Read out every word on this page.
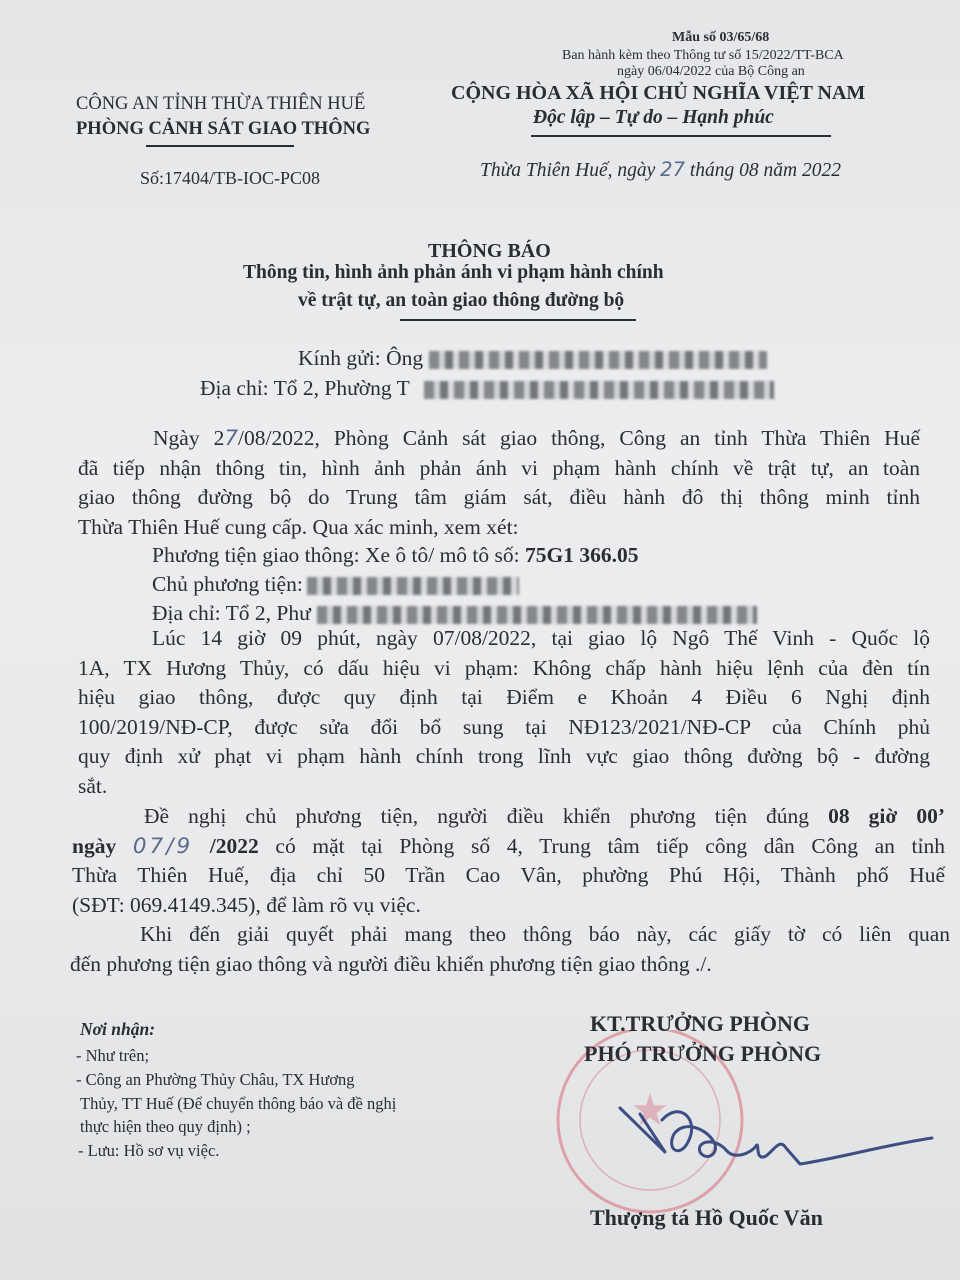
Mẫu số 03/65/68
Ban hành kèm theo Thông tư số 15/2022/TT-BCA
ngày 06/04/2022 của Bộ Công an
CÔNG AN TỈNH THỪA THIÊN HUẾ
PHÒNG CẢNH SÁT GIAO THÔNG
CỘNG HÒA XÃ HỘI CHỦ NGHĨA VIỆT NAM
Độc lập – Tự do – Hạnh phúc
Số:17404/TB-IOC-PC08	Thừa Thiên Huế, ngày 27 tháng 08 năm 2022
THÔNG BÁO
Thông tin, hình ảnh phản ánh vi phạm hành chính
về trật tự, an toàn giao thông đường bộ
Kính gửi: Ông
Địa chỉ: Tổ 2, Phường T
Ngày 27/08/2022, Phòng Cảnh sát giao thông, Công an tỉnh Thừa Thiên Huế
đã tiếp nhận thông tin, hình ảnh phản ánh vi phạm hành chính về trật tự, an toàn
giao thông đường bộ do Trung tâm giám sát, điều hành đô thị thông minh tỉnh
Thừa Thiên Huế cung cấp. Qua xác minh, xem xét:
Phương tiện giao thông: Xe ô tô/ mô tô số: 75G1 366.05
Chủ phương tiện:
Địa chỉ: Tổ 2, Phư
Lúc 14 giờ 09 phút, ngày 07/08/2022, tại giao lộ Ngô Thế Vinh - Quốc lộ
1A, TX Hương Thủy, có dấu hiệu vi phạm: Không chấp hành hiệu lệnh của đèn tín
hiệu giao thông, được quy định tại Điểm e Khoản 4 Điều 6 Nghị định
100/2019/NĐ-CP, được sửa đổi bổ sung tại NĐ123/2021/NĐ-CP của Chính phủ
quy định xử phạt vi phạm hành chính trong lĩnh vực giao thông đường bộ - đường
sắt.
Đề nghị chủ phương tiện, người điều khiển phương tiện đúng 08 giờ 00’
ngày 07/9 /2022 có mặt tại Phòng số 4, Trung tâm tiếp công dân Công an tỉnh
Thừa Thiên Huế, địa chỉ 50 Trần Cao Vân, phường Phú Hội, Thành phố Huế
(SĐT: 069.4149.345), để làm rõ vụ việc.
Khi đến giải quyết phải mang theo thông báo này, các giấy tờ có liên quan
đến phương tiện giao thông và người điều khiển phương tiện giao thông ./.
Nơi nhận:
- Như trên;
- Công an Phường Thủy Châu, TX Hương
Thủy, TT Huế (Để chuyển thông báo và đề nghị
thực hiện theo quy định) ;
- Lưu: Hồ sơ vụ việc.
★
KT.TRƯỞNG PHÒNG
PHÓ TRƯỞNG PHÒNG
Thượng tá Hồ Quốc Văn
